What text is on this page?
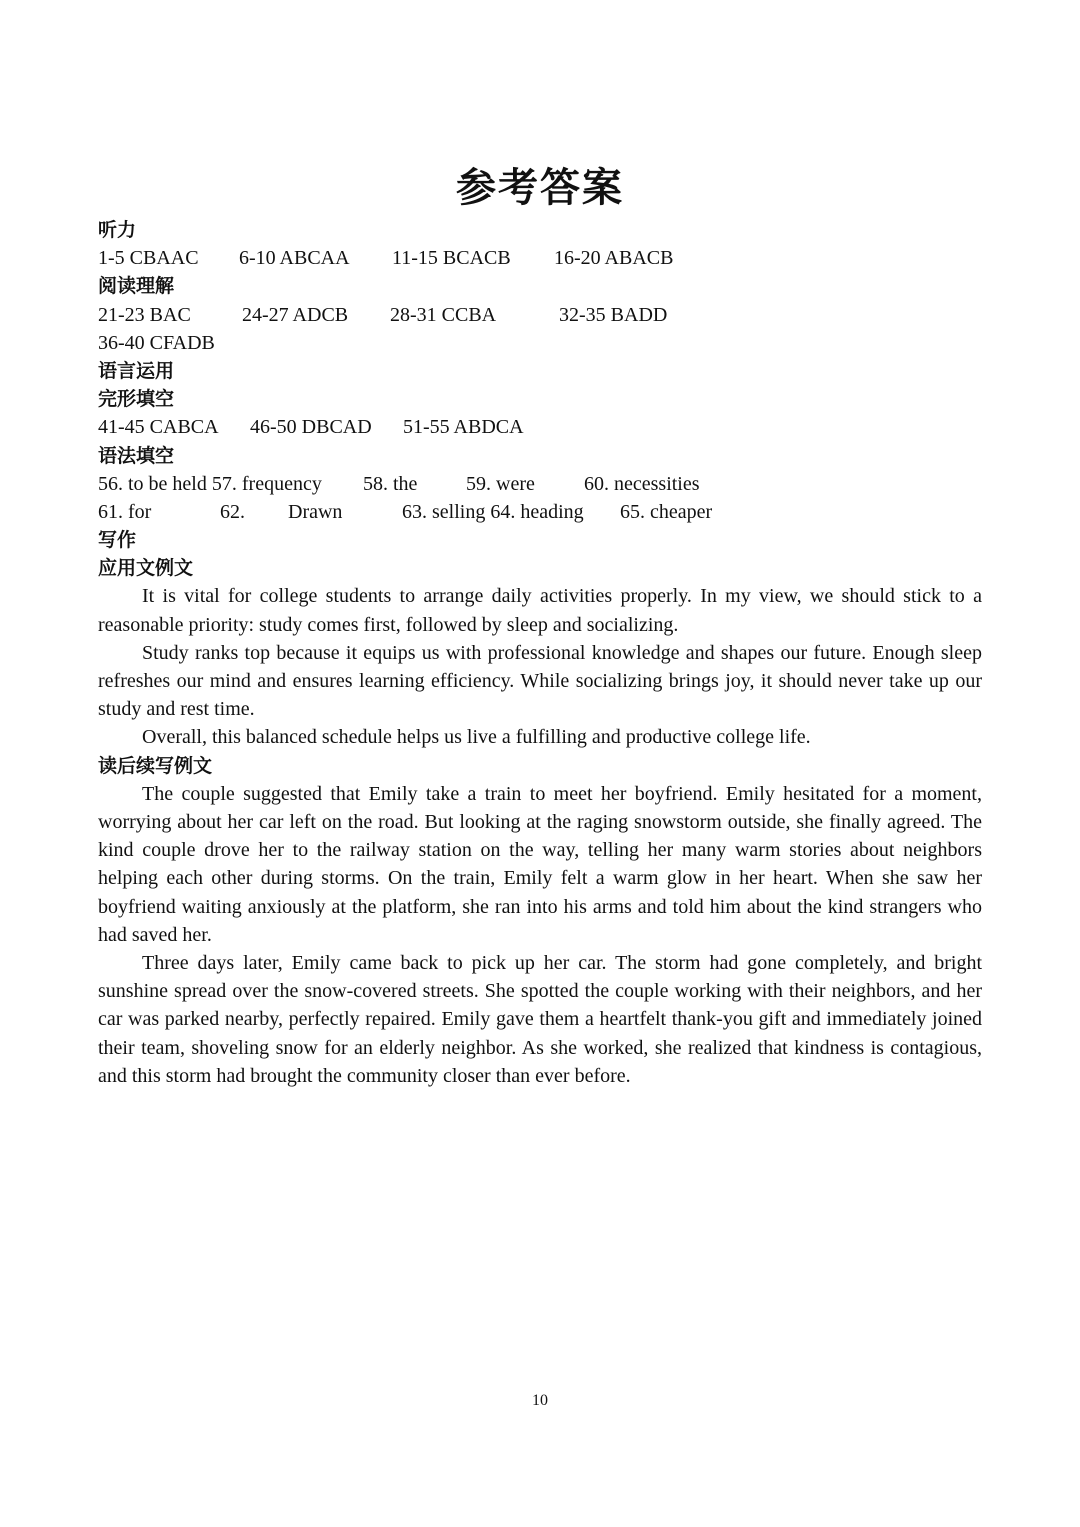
参考答案
听力
1-5 CBAAC 6-10 ABCAA 11-15 BCACB 16-20 ABACB
阅读理解
21-23 BAC	24-27 ADCB 28-31 CCBA	32-35 BADD
36-40 CFADB
语言运用
完形填空
41-45 CABCA 46-50 DBCAD 51-55 ABDCA
语法填空
56. to be held 57. frequency 58. the 59. were 60. necessities
61. for	62. Drawn	63. selling 64. heading 65. cheaper
写作
应用文例文

It is vital for college students to arrange daily activities properly. In my view, we should stick to a reasonable priority: study comes first, followed by sleep and socializing.

Study ranks top because it equips us with professional knowledge and shapes our future. Enough sleep refreshes our mind and ensures learning efficiency. While socializing brings joy, it should never take up our study and rest time.

Overall, this balanced schedule helps us live a fulfilling and productive college life.

读后续写例文

The couple suggested that Emily take a train to meet her boyfriend. Emily hesitated for a moment, worrying about her car left on the road. But looking at the raging snowstorm outside, she finally agreed. The kind couple drove her to the railway station on the way, telling her many warm stories about neighbors helping each other during storms. On the train, Emily felt a warm glow in her heart. When she saw her boyfriend waiting anxiously at the platform, she ran into his arms and told him about the kind strangers who had saved her.

Three days later, Emily came back to pick up her car. The storm had gone completely, and bright sunshine spread over the snow-covered streets. She spotted the couple working with their neighbors, and her car was parked nearby, perfectly repaired. Emily gave them a heartfelt thank-you gift and immediately joined their team, shoveling snow for an elderly neighbor. As she worked, she realized that kindness is contagious, and this storm had brought the community closer than ever before.

10
